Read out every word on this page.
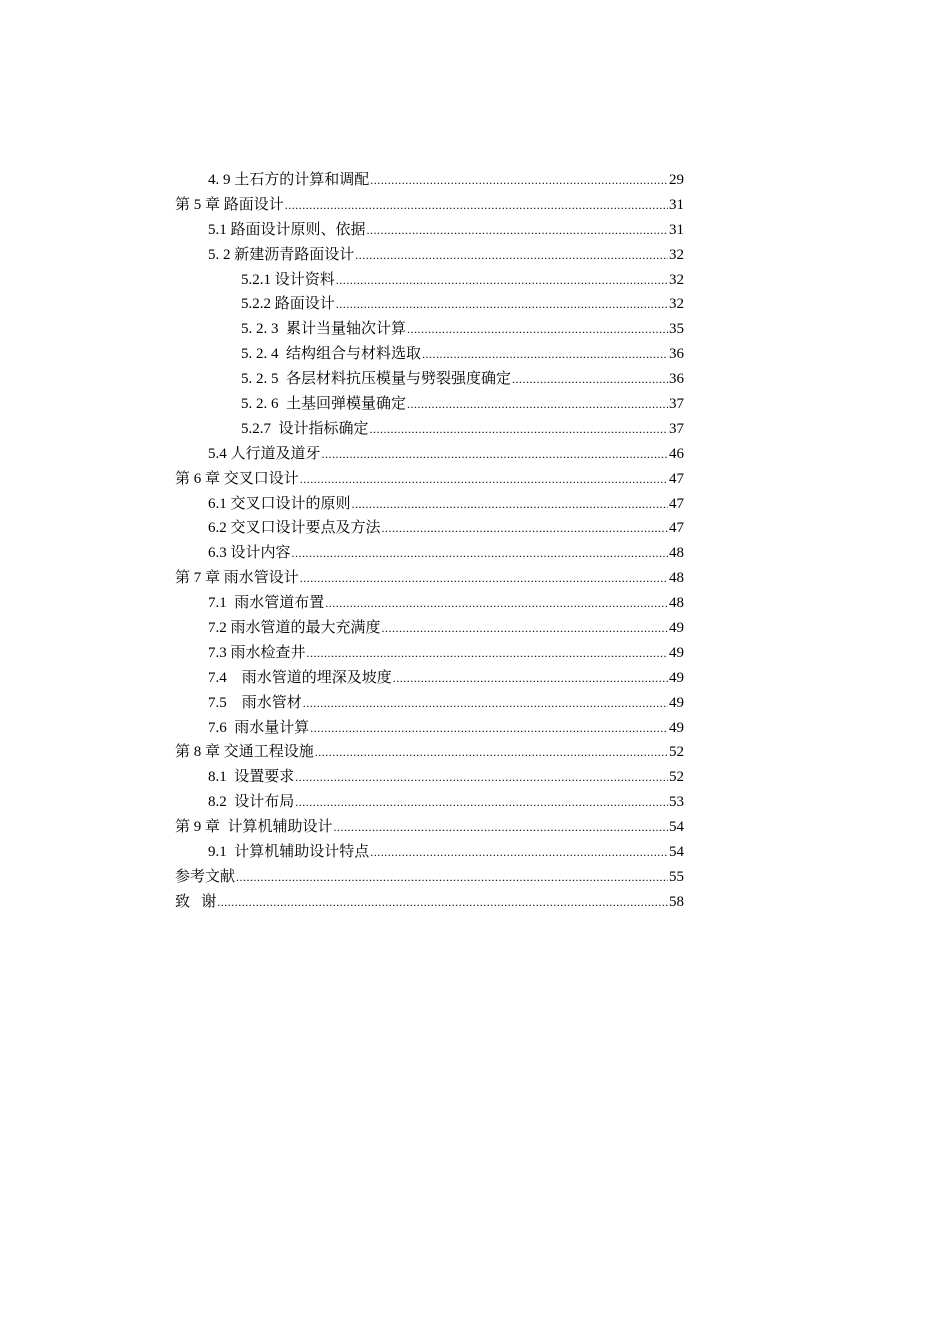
4. 9 土石方的计算和调配 .....	29
第 5 章 路面设计 .....	31
5.1 路面设计原则、依据 .....	31
5. 2 新建沥青路面设计 .....	32
5.2.1 设计资料 .....	32
5.2.2 路面设计 .....	32
5. 2. 3  累计当量轴次计算 .....	35
5. 2. 4  结构组合与材料选取 .....	36
5. 2. 5  各层材料抗压模量与劈裂强度确定 .....	36
5. 2. 6  土基回弹模量确定 .....	37
5.2.7  设计指标确定 .....	37
5.4 人行道及道牙 .....	46
第 6 章 交叉口设计 .....	47
6.1 交叉口设计的原则 .....	47
6.2 交叉口设计要点及方法 .....	47
6.3 设计内容 .....	48
第 7 章 雨水管设计 .....	48
7.1  雨水管道布置 .....	48
7.2 雨水管道的最大充满度 .....	49
7.3 雨水检查井 .....	49
7.4    雨水管道的埋深及坡度 .....	49
7.5    雨水管材 .....	49
7.6  雨水量计算 .....	49
第 8 章 交通工程设施 .....	52
8.1  设置要求 .....	52
8.2  设计布局 .....	53
第 9 章  计算机辅助设计 .....	54
9.1  计算机辅助设计特点 .....	54
参考文献 .....	55
致   谢 .....	58
